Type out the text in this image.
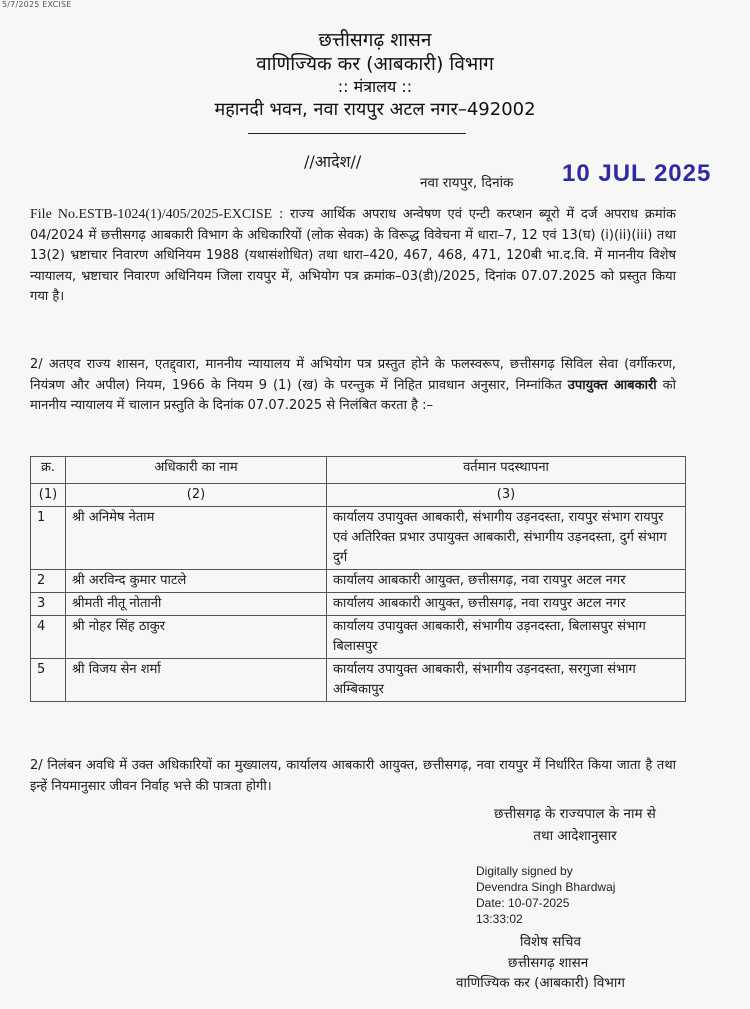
5/7/2025 EXCISE
छत्तीसगढ़ शासन
वाणिज्यिक कर (आबकारी) विभाग
:: मंत्रालय ::
महानदी भवन, नवा रायपुर अटल नगर–492002
//आदेश//
नवा रायपुर, दिनांक 10 JUL 2025
File No.ESTB-1024(1)/405/2025-EXCISE : राज्य आर्थिक अपराध अन्वेषण एवं एन्टी करप्शन ब्यूरो में दर्ज अपराध क्रमांक 04/2024 में छत्तीसगढ़ आबकारी विभाग के अधिकारियों (लोक सेवक) के विरूद्ध विवेचना में धारा–7, 12 एवं 13(घ) (i)(ii)(iii) तथा 13(2) भ्रष्टाचार निवारण अधिनियम 1988 (यथासंशोधित) तथा धारा–420, 467, 468, 471, 120बी भा.द.वि. में माननीय विशेष न्यायालय, भ्रष्टाचार निवारण अधिनियम जिला रायपुर में, अभियोग पत्र क्रमांक–03(डी)/2025, दिनांक 07.07.2025 को प्रस्तुत किया गया है।
2/ अतएव राज्य शासन, एतद्द्वारा, माननीय न्यायालय में अभियोग पत्र प्रस्तुत होने के फलस्वरूप, छत्तीसगढ़ सिविल सेवा (वर्गीकरण, नियंत्रण और अपील) नियम, 1966 के नियम 9 (1) (ख) के परन्तुक में निहित प्रावधान अनुसार, निम्नांकित उपायुक्त आबकारी को माननीय न्यायालय में चालान प्रस्तुति के दिनांक 07.07.2025 से निलंबित करता है :–
क्र.	अधिकारी का नाम	वर्तमान पदस्थापना
(1)	(2)	(3)
1	श्री अनिमेष नेताम	कार्यालय उपायुक्त आबकारी, संभागीय उड़नदस्ता, रायपुर संभाग रायपुर एवं अतिरिक्त प्रभार उपायुक्त आबकारी, संभागीय उड़नदस्ता, दुर्ग संभाग दुर्ग
2	श्री अरविन्द कुमार पाटले	कार्यालय आबकारी आयुक्त, छत्तीसगढ़, नवा रायपुर अटल नगर
3	श्रीमती नीतू नोतानी	कार्यालय आबकारी आयुक्त, छत्तीसगढ़, नवा रायपुर अटल नगर
4	श्री नोहर सिंह ठाकुर	कार्यालय उपायुक्त आबकारी, संभागीय उड़नदस्ता, बिलासपुर संभाग बिलासपुर
5	श्री विजय सेन शर्मा	कार्यालय उपायुक्त आबकारी, संभागीय उड़नदस्ता, सरगुजा संभाग अम्बिकापुर
2/ निलंबन अवधि में उक्त अधिकारियों का मुख्यालय, कार्यालय आबकारी आयुक्त, छत्तीसगढ़, नवा रायपुर में निर्धारित किया जाता है तथा इन्हें नियमानुसार जीवन निर्वाह भत्ते की पात्रता होगी।
छत्तीसगढ़ के राज्यपाल के नाम से
तथा आदेशानुसार
Digitally signed by
Devendra Singh Bhardwaj
Date: 10-07-2025
13:33:02
विशेष सचिव
छत्तीसगढ़ शासन
वाणिज्यिक कर (आबकारी) विभाग
